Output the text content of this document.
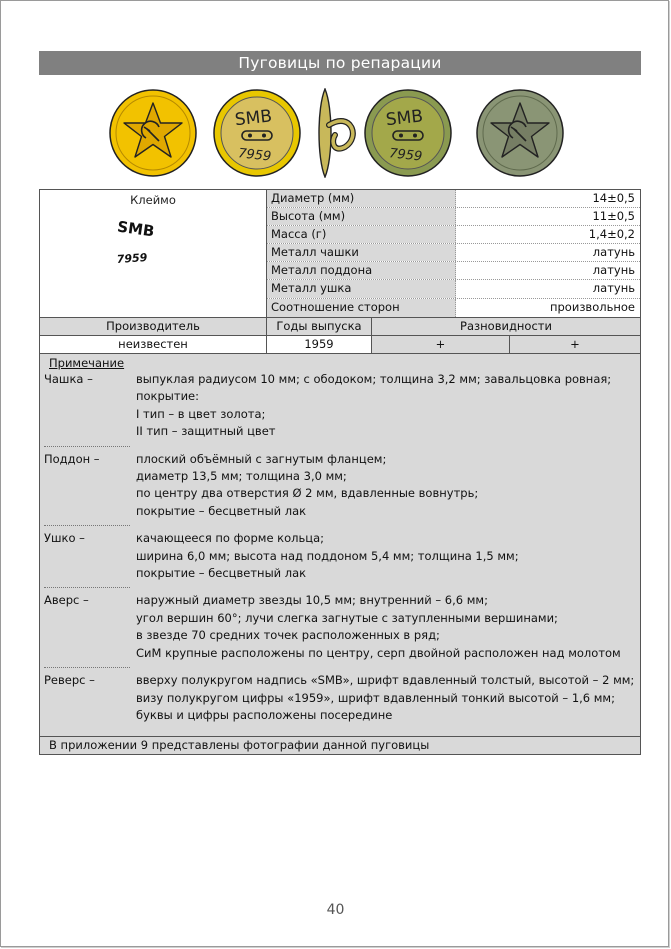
Пуговицы по репарации
SMB
7959
SMB
7959
Клеймо
SMB
7959
Диаметр (мм)	14±0,5
Высота (мм)	11±0,5
Масса (г)	1,4±0,2
Металл чашки	латунь
Металл поддона	латунь
Металл ушка	латунь
Соотношение сторон	произвольное
Производитель	Годы выпуска	Разновидности
неизвестен	1959	+	+
Примечание
Чашка –	выпуклая радиусом 10 мм; с ободоком; толщина 3,2 мм; завальцовка ровная;
покрытие:
I тип – в цвет золота;
II тип – защитный цвет
Поддон –	плоский объёмный с загнутым фланцем;
диаметр 13,5 мм; толщина 3,0 мм;
по центру два отверстия Ø 2 мм, вдавленные вовнутрь;
покрытие – бесцветный лак
Ушко –	качающееся по форме кольца;
ширина 6,0 мм; высота над поддоном 5,4 мм; толщина 1,5 мм;
покрытие – бесцветный лак
Аверс –	наружный диаметр звезды 10,5 мм; внутренний – 6,6 мм;
угол вершин 60°; лучи слегка загнутые с затупленными вершинами;
в звезде 70 средних точек расположенных в ряд;
СиМ крупные расположены по центру, серп двойной расположен над молотом
Реверс –	вверху полукругом надпись «SMB», шрифт вдавленный толстый, высотой – 2 мм;
визу полукругом цифры «1959», шрифт вдавленный тонкий высотой – 1,6 мм;
буквы и цифры расположены посередине
В приложении 9 представлены фотографии данной пуговицы
40
